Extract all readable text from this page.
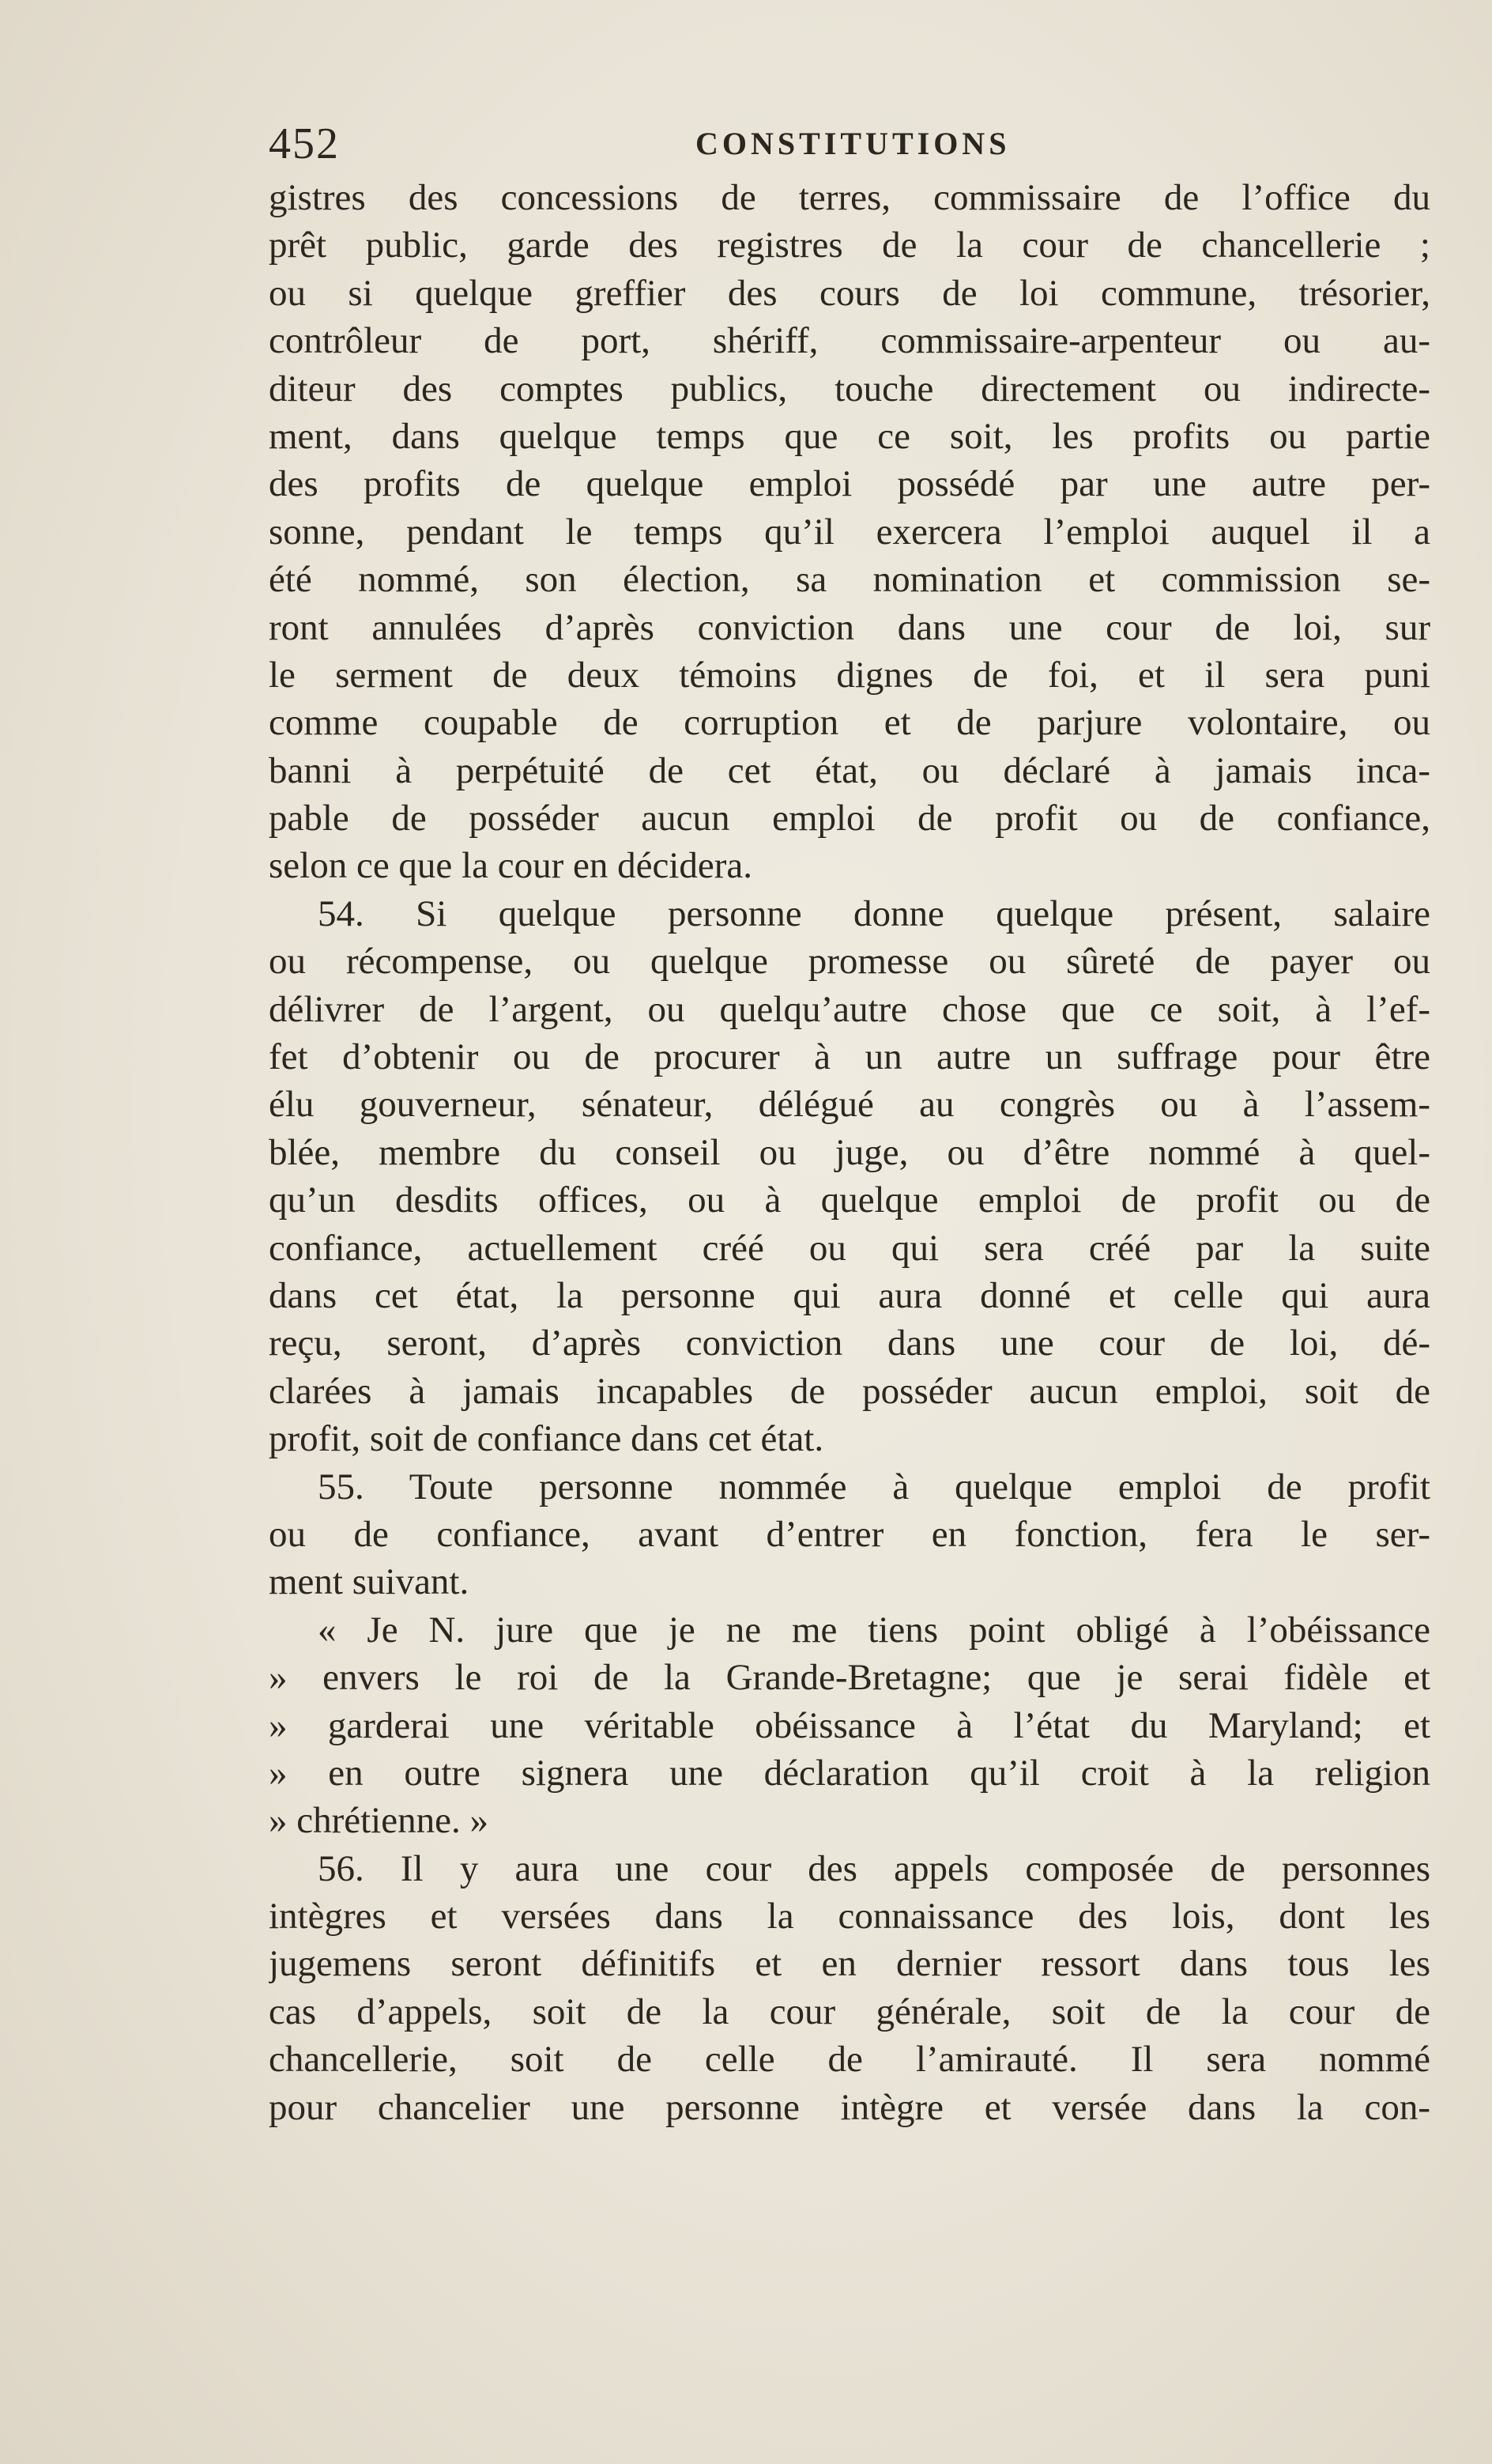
452	CONSTITUTIONS
gistres des concessions de terres, commissaire de l’office du
prêt public, garde des registres de la cour de chancellerie ;
ou si quelque greffier des cours de loi commune, trésorier,
contrôleur de port, shériff, commissaire-arpenteur ou au-
diteur des comptes publics, touche directement ou indirecte-
ment, dans quelque temps que ce soit, les profits ou partie
des profits de quelque emploi possédé par une autre per-
sonne, pendant le temps qu’il exercera l’emploi auquel il a
été nommé, son élection, sa nomination et commission se-
ront annulées d’après conviction dans une cour de loi, sur
le serment de deux témoins dignes de foi, et il sera puni
comme coupable de corruption et de parjure volontaire, ou
banni à perpétuité de cet état, ou déclaré à jamais inca-
pable de posséder aucun emploi de profit ou de confiance,
selon ce que la cour en décidera.
54. Si quelque personne donne quelque présent, salaire
ou récompense, ou quelque promesse ou sûreté de payer ou
délivrer de l’argent, ou quelqu’autre chose que ce soit, à l’ef-
fet d’obtenir ou de procurer à un autre un suffrage pour être
élu gouverneur, sénateur, délégué au congrès ou à l’assem-
blée, membre du conseil ou juge, ou d’être nommé à quel-
qu’un desdits offices, ou à quelque emploi de profit ou de
confiance, actuellement créé ou qui sera créé par la suite
dans cet état, la personne qui aura donné et celle qui aura
reçu, seront, d’après conviction dans une cour de loi, dé-
clarées à jamais incapables de posséder aucun emploi, soit de
profit, soit de confiance dans cet état.
55. Toute personne nommée à quelque emploi de profit
ou de confiance, avant d’entrer en fonction, fera le ser-
ment suivant.
« Je N. jure que je ne me tiens point obligé à l’obéissance
» envers le roi de la Grande-Bretagne; que je serai fidèle et
» garderai une véritable obéissance à l’état du Maryland; et
» en outre signera une déclaration qu’il croit à la religion
» chrétienne. »
56. Il y aura une cour des appels composée de personnes
intègres et versées dans la connaissance des lois, dont les
jugemens seront définitifs et en dernier ressort dans tous les
cas d’appels, soit de la cour générale, soit de la cour de
chancellerie, soit de celle de l’amirauté. Il sera nommé
pour chancelier une personne intègre et versée dans la con-
